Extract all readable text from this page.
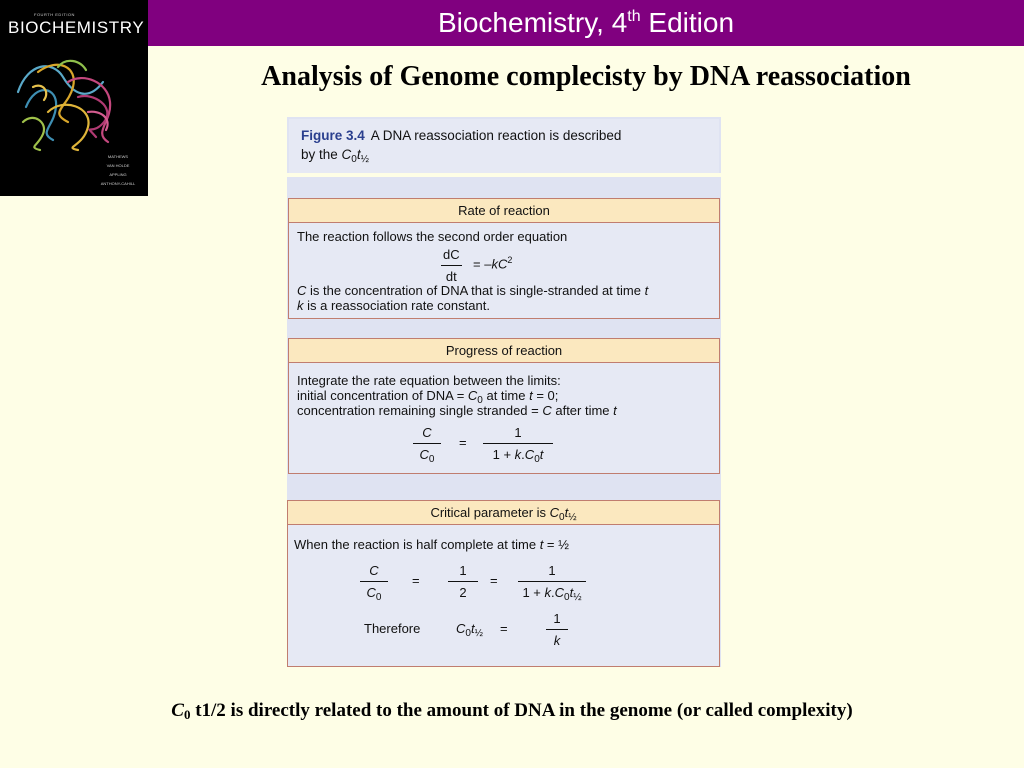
Biochemistry, 4th Edition
FOURTH EDITION
BIOCHEMISTRY
MATHEWS
VAN HOLDE
APPLING
ANTHONY-CAHILL
Analysis of Genome complecisty by DNA reassociation
Figure 3.4 A DNA reassociation reaction is described
by the $C_0t_{\frac{1}{2}}$
Rate of reaction
The reaction follows the second order equation
dC
dt
= $-kC^2$
C is the concentration of DNA that is single-stranded at time t
k is a reassociation rate constant.
Progress of reaction
Integrate the rate equation between the limits:
initial concentration of DNA = $C_0$ at time t = 0;
concentration remaining single stranded = C after time t
C
$C_0$
=
1
$1 + k.C_0t$
Critical parameter is $C_0t_{\frac{1}{2}}$
When the reaction is half complete at time t = ½
C
$C_0$
=
1
2
=
1
$1 + k.C_0t_{\frac{1}{2}}$
Therefore	$C_0t_{\frac{1}{2}}$ =
1
k
$C_0$ t1/2 is directly related to the amount of DNA in the genome (or called complexity)
